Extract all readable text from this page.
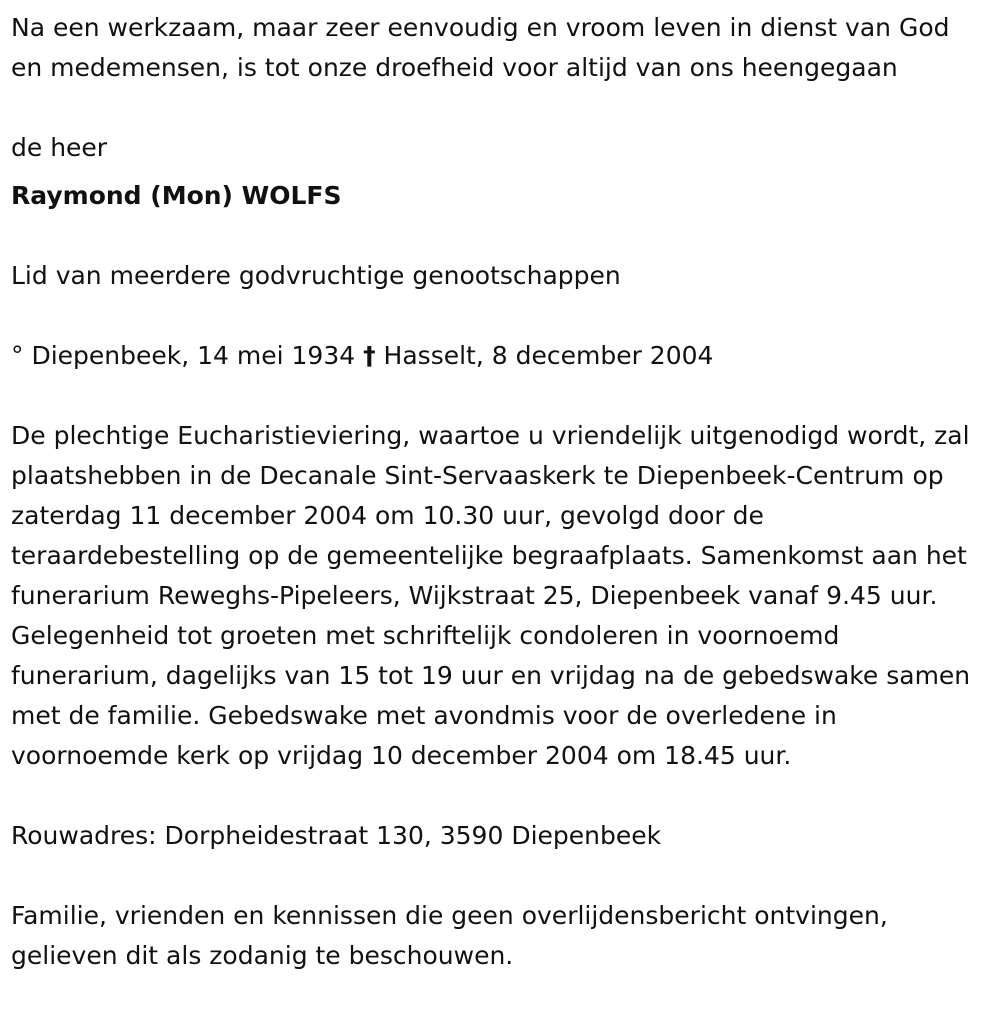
Na een werkzaam, maar zeer eenvoudig en vroom leven in dienst van God en medemensen, is tot onze droefheid voor altijd van ons heengegaan

de heer

Raymond (Mon) WOLFS

Lid van meerdere godvruchtige genootschappen

° Diepenbeek, 14 mei 1934 † Hasselt, 8 december 2004

De plechtige Eucharistieviering, waartoe u vriendelijk uitgenodigd wordt, zal plaatshebben in de Decanale Sint-Servaaskerk te Diepenbeek-Centrum op zaterdag 11 december 2004 om 10.30 uur, gevolgd door de teraardebestelling op de gemeentelijke begraafplaats. Samenkomst aan het funerarium Reweghs-Pipeleers, Wijkstraat 25, Diepenbeek vanaf 9.45 uur. Gelegenheid tot groeten met schriftelijk condoleren in voornoemd funerarium, dagelijks van 15 tot 19 uur en vrijdag na de gebedswake samen met de familie. Gebedswake met avondmis voor de overledene in voornoemde kerk op vrijdag 10 december 2004 om 18.45 uur.

Rouwadres: Dorpheidestraat 130, 3590 Diepenbeek

Familie, vrienden en kennissen die geen overlijdensbericht ontvingen, gelieven dit als zodanig te beschouwen.
